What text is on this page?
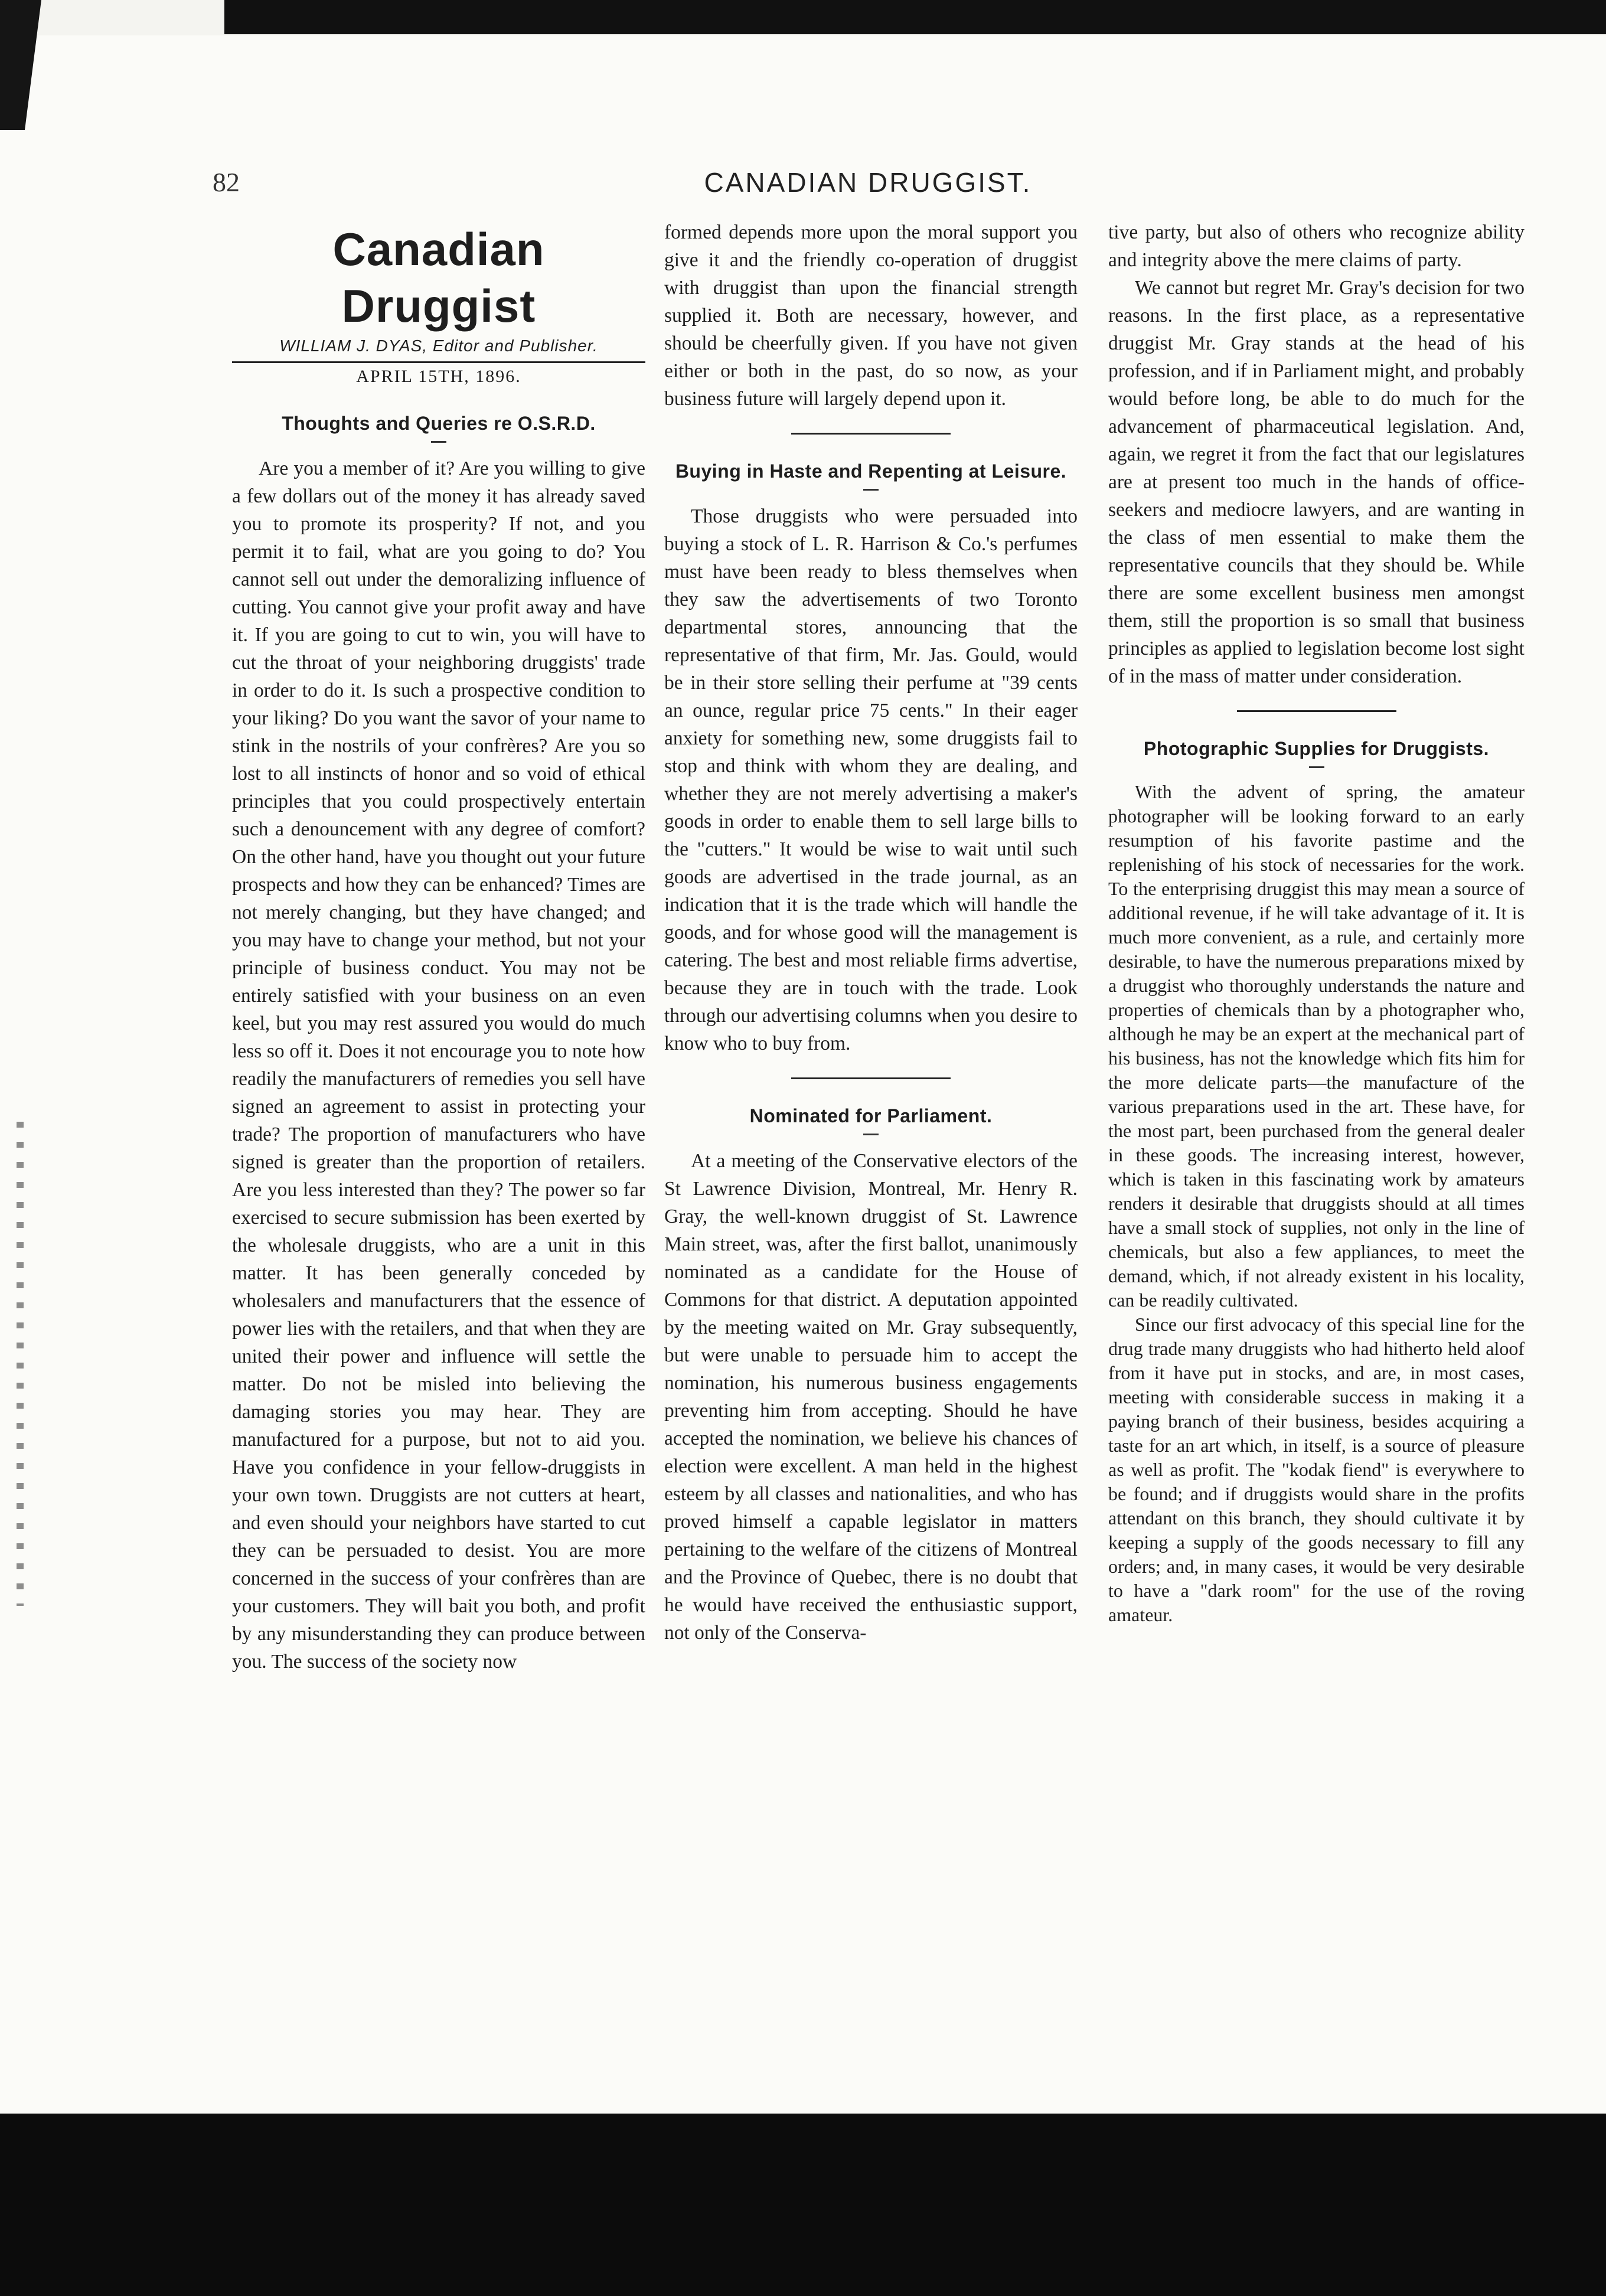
82	CANADIAN DRUGGIST.
Canadian Druggist
WILLIAM J. DYAS, Editor and Publisher.
APRIL 15TH, 1896.
Thoughts and Queries re O.S.R.D.

Are you a member of it? Are you willing to give a few dollars out of the money it has already saved you to promote its prosperity? If not, and you permit it to fail, what are you going to do? You cannot sell out under the demoralizing influence of cutting. You cannot give your profit away and have it. If you are going to cut to win, you will have to cut the throat of your neighboring druggists' trade in order to do it. Is such a prospective condition to your liking? Do you want the savor of your name to stink in the nostrils of your confrères? Are you so lost to all instincts of honor and so void of ethical principles that you could prospectively entertain such a denouncement with any degree of comfort? On the other hand, have you thought out your future prospects and how they can be enhanced? Times are not merely changing, but they have changed; and you may have to change your method, but not your principle of business conduct. You may not be entirely satisfied with your business on an even keel, but you may rest assured you would do much less so off it. Does it not encourage you to note how readily the manufacturers of remedies you sell have signed an agreement to assist in protecting your trade? The proportion of manufacturers who have signed is greater than the proportion of retailers. Are you less interested than they? The power so far exercised to secure submission has been exerted by the wholesale druggists, who are a unit in this matter. It has been generally conceded by wholesalers and manufacturers that the essence of power lies with the retailers, and that when they are united their power and influence will settle the matter. Do not be misled into believing the damaging stories you may hear. They are manufactured for a purpose, but not to aid you. Have you confidence in your fellow-druggists in your own town. Druggists are not cutters at heart, and even should your neighbors have started to cut they can be persuaded to desist. You are more concerned in the success of your confrères than are your customers. They will bait you both, and profit by any misunderstanding they can produce between you. The success of the society now

formed depends more upon the moral support you give it and the friendly co-operation of druggist with druggist than upon the financial strength supplied it. Both are necessary, however, and should be cheerfully given. If you have not given either or both in the past, do so now, as your business future will largely depend upon it.

Buying in Haste and Repenting at Leisure.

Those druggists who were persuaded into buying a stock of L. R. Harrison & Co.'s perfumes must have been ready to bless themselves when they saw the advertisements of two Toronto departmental stores, announcing that the representative of that firm, Mr. Jas. Gould, would be in their store selling their perfume at "39 cents an ounce, regular price 75 cents." In their eager anxiety for something new, some druggists fail to stop and think with whom they are dealing, and whether they are not merely advertising a maker's goods in order to enable them to sell large bills to the "cutters." It would be wise to wait until such goods are advertised in the trade journal, as an indication that it is the trade which will handle the goods, and for whose good will the management is catering. The best and most reliable firms advertise, because they are in touch with the trade. Look through our advertising columns when you desire to know who to buy from.

Nominated for Parliament.

At a meeting of the Conservative electors of the St Lawrence Division, Montreal, Mr. Henry R. Gray, the well-known druggist of St. Lawrence Main street, was, after the first ballot, unanimously nominated as a candidate for the House of Commons for that district. A deputation appointed by the meeting waited on Mr. Gray subsequently, but were unable to persuade him to accept the nomination, his numerous business engagements preventing him from accepting. Should he have accepted the nomination, we believe his chances of election were excellent. A man held in the highest esteem by all classes and nationalities, and who has proved himself a capable legislator in matters pertaining to the welfare of the citizens of Montreal and the Province of Quebec, there is no doubt that he would have received the enthusiastic support, not only of the Conserva-

tive party, but also of others who recognize ability and integrity above the mere claims of party.

We cannot but regret Mr. Gray's decision for two reasons. In the first place, as a representative druggist Mr. Gray stands at the head of his profession, and if in Parliament might, and probably would before long, be able to do much for the advancement of pharmaceutical legislation. And, again, we regret it from the fact that our legislatures are at present too much in the hands of office-seekers and mediocre lawyers, and are wanting in the class of men essential to make them the representative councils that they should be. While there are some excellent business men amongst them, still the proportion is so small that business principles as applied to legislation become lost sight of in the mass of matter under consideration.

Photographic Supplies for Druggists.

With the advent of spring, the amateur photographer will be looking forward to an early resumption of his favorite pastime and the replenishing of his stock of necessaries for the work. To the enterprising druggist this may mean a source of additional revenue, if he will take advantage of it. It is much more convenient, as a rule, and certainly more desirable, to have the numerous preparations mixed by a druggist who thoroughly understands the nature and properties of chemicals than by a photographer who, although he may be an expert at the mechanical part of his business, has not the knowledge which fits him for the more delicate parts—the manufacture of the various preparations used in the art. These have, for the most part, been purchased from the general dealer in these goods. The increasing interest, however, which is taken in this fascinating work by amateurs renders it desirable that druggists should at all times have a small stock of supplies, not only in the line of chemicals, but also a few appliances, to meet the demand, which, if not already existent in his locality, can be readily cultivated.

Since our first advocacy of this special line for the drug trade many druggists who had hitherto held aloof from it have put in stocks, and are, in most cases, meeting with considerable success in making it a paying branch of their business, besides acquiring a taste for an art which, in itself, is a source of pleasure as well as profit. The "kodak fiend" is everywhere to be found; and if druggists would share in the profits attendant on this branch, they should cultivate it by keeping a supply of the goods necessary to fill any orders; and, in many cases, it would be very desirable to have a "dark room" for the use of the roving amateur.
